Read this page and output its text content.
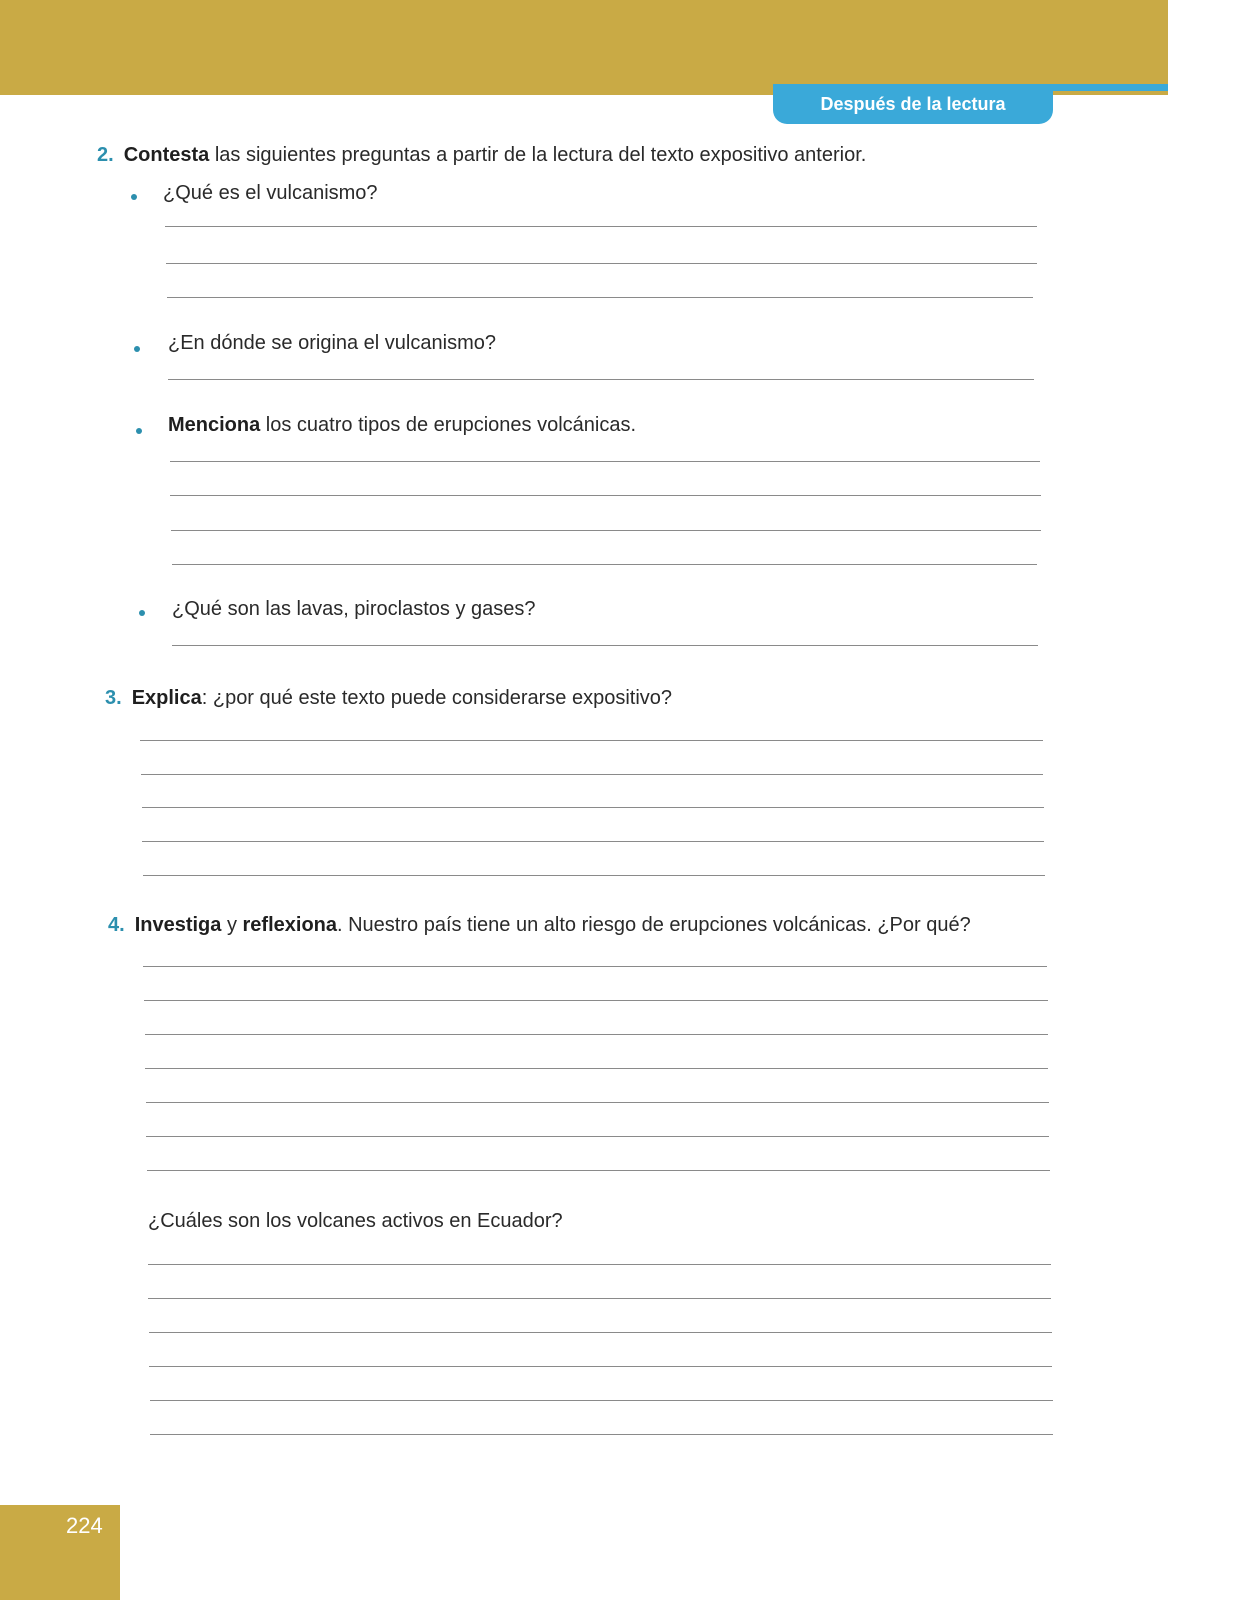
Después de la lectura
2. Contesta las siguientes preguntas a partir de la lectura del texto expositivo anterior.
¿Qué es el vulcanismo?
¿En dónde se origina el vulcanismo?
Menciona los cuatro tipos de erupciones volcánicas.
¿Qué son las lavas, piroclastos y gases?
3. Explica: ¿por qué este texto puede considerarse expositivo?
4. Investiga y reflexiona. Nuestro país tiene un alto riesgo de erupciones volcánicas. ¿Por qué?
¿Cuáles son los volcanes activos en Ecuador?
224
